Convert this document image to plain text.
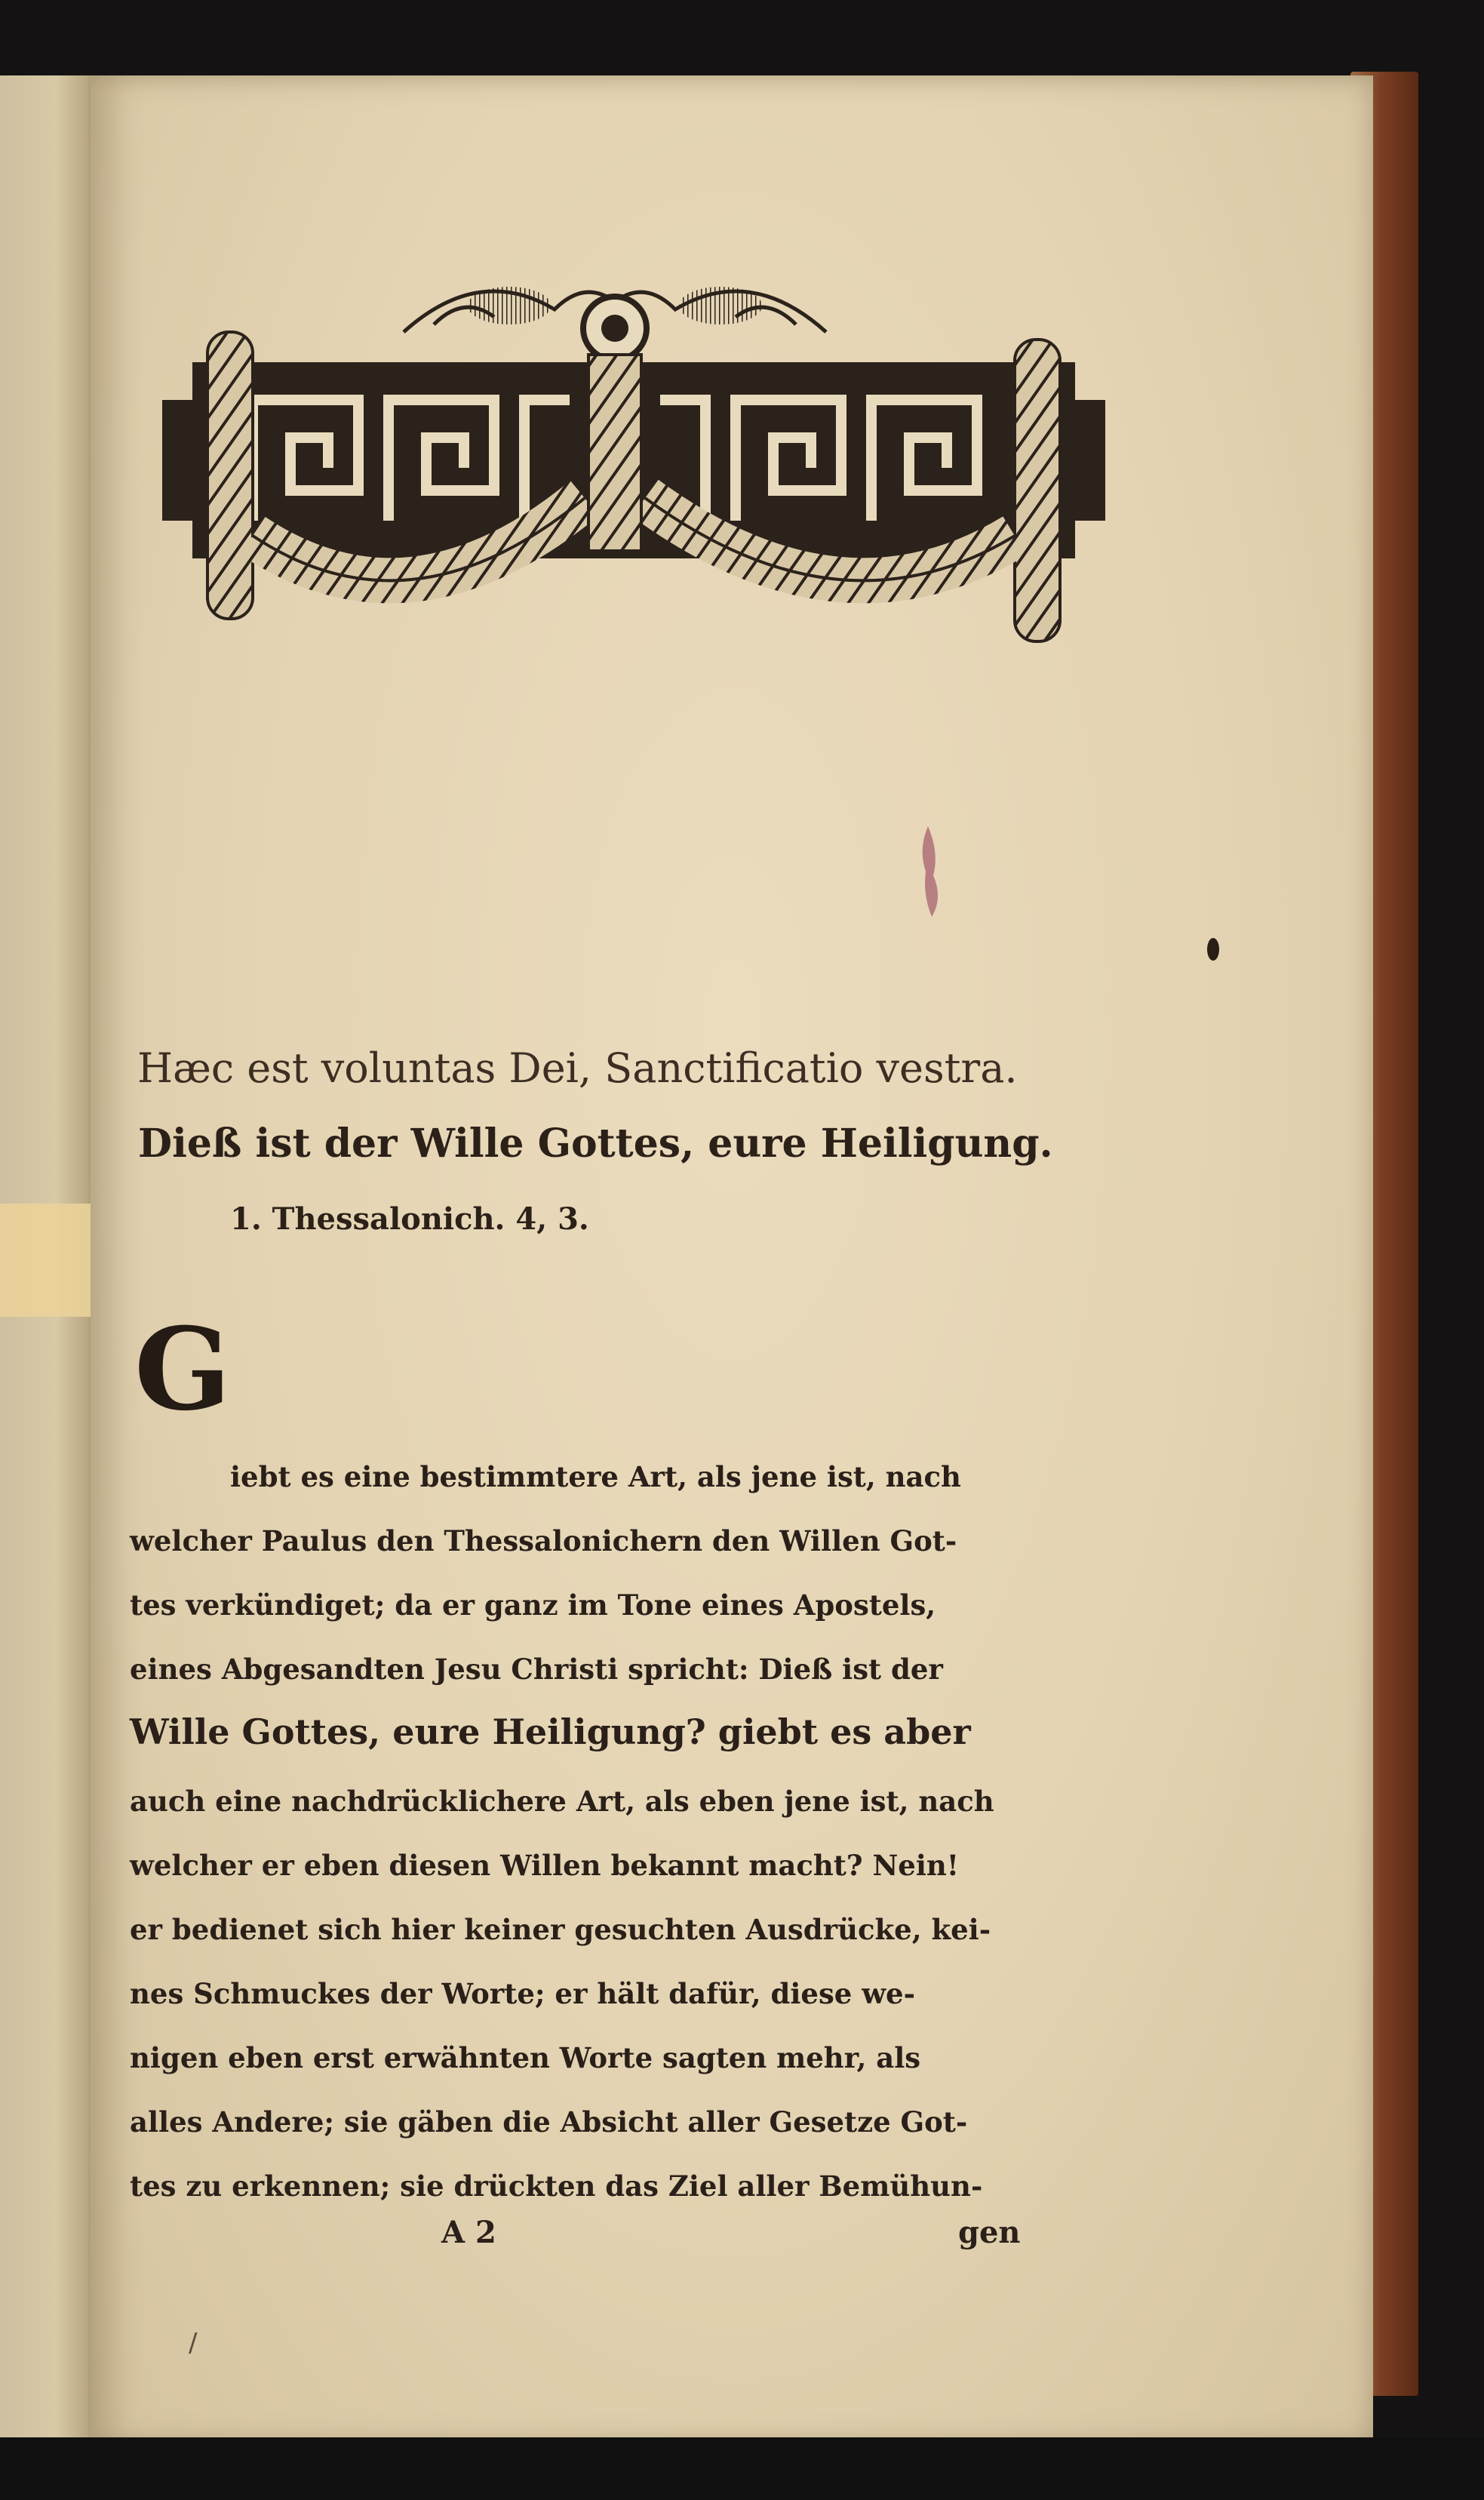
Hæc est voluntas Dei, Sanctificatio vestra.
Dieß ist der Wille Gottes, eure Heiligung.
1. Thessalonich. 4, 3.
G
iebt es eine bestimmtere Art, als jene ist, nach
welcher Paulus den Thessalonichern den Willen Got-
tes verkündiget; da er ganz im Tone eines Apostels,
eines Abgesandten Jesu Christi spricht: Dieß ist der
Wille Gottes, eure Heiligung? giebt es aber
auch eine nachdrücklichere Art, als eben jene ist, nach
welcher er eben diesen Willen bekannt macht? Nein!
er bedienet sich hier keiner gesuchten Ausdrücke, kei-
nes Schmuckes der Worte; er hält dafür, diese we-
nigen eben erst erwähnten Worte sagten mehr, als
alles Andere; sie gäben die Absicht aller Gesetze Got-
tes zu erkennen; sie drückten das Ziel aller Bemühun-
A 2	gen
/
